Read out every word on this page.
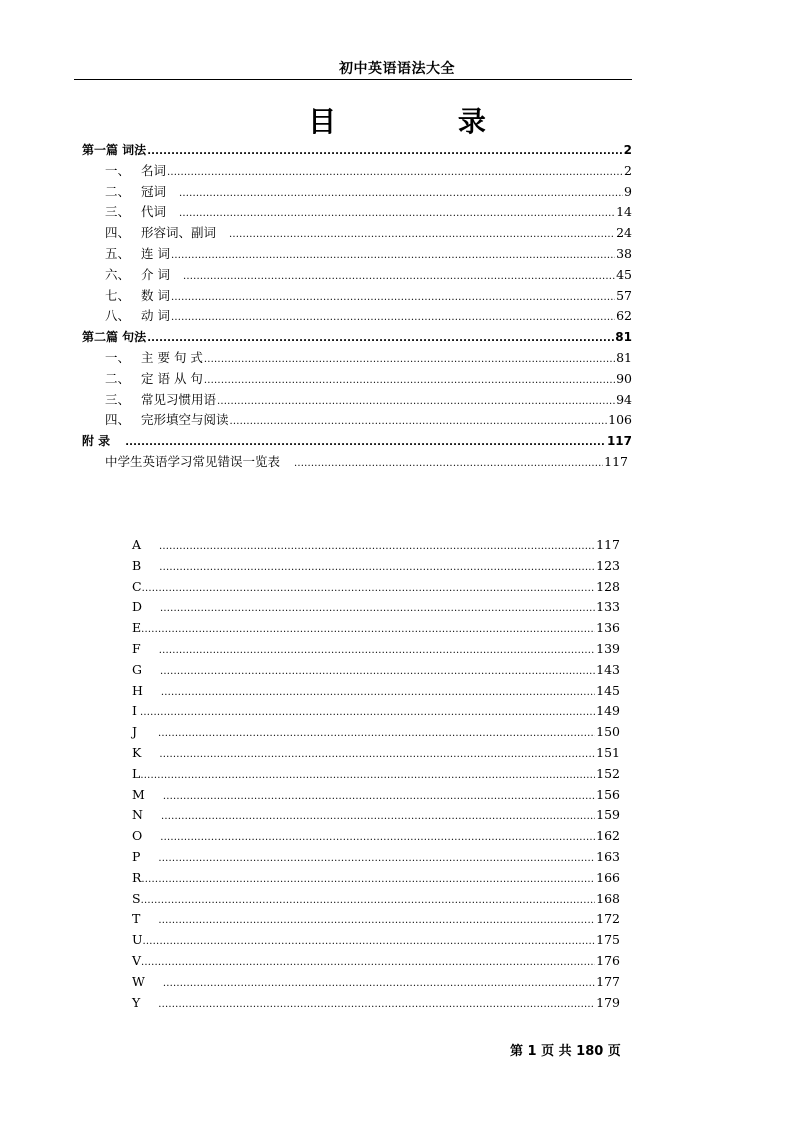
初中英语语法大全
目 录
第一篇 词法 .....	2
一、 名词 .....	2
二、 冠词 .....	9
三、 代词 .....	14
四、 形容词、副词 .....	24
五、 连 词 .....	38
六、 介 词 .....	45
七、 数 词 .....	57
八、 动 词 .....	62
第二篇 句法 .....	81
一、 主 要 句 式 .....	81
二、 定 语 从 句 .....	90
三、 常见习惯用语 .....	94
四、 完形填空与阅读 .....	106
附 录 .....	117
中学生英语学习常见错误一览表 .....	117
A .....	117
B .....	123
C .....	128
D .....	133
E .....	136
F .....	139
G .....	143
H .....	145
I .....	149
J .....	150
K .....	151
L .....	152
M .....	156
N .....	159
O .....	162
P .....	163
R .....	166
S .....	168
T .....	172
U .....	175
V .....	176
W .....	177
Y .....	179
第 1 页 共 180 页
